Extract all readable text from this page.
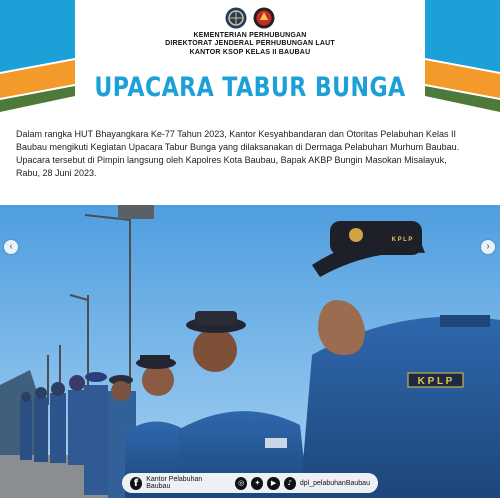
KEMENTERIAN PERHUBUNGAN
DIREKTORAT JENDERAL PERHUBUNGAN LAUT
KANTOR KSOP KELAS II BAUBAU
UPACARA TABUR BUNGA
Dalam rangka HUT Bhayangkara Ke-77 Tahun 2023, Kantor Kesyahbandaran dan Otoritas Pelabuhan Kelas II
Baubau mengikuti Kegiatan Upacara Tabur Bunga yang dilaksanakan di Dermaga Pelabuhan Murhum Baubau.
Upacara tersebut di Pimpin langsung oleh Kapolres Kota Baubau, Bapak AKBP Bungin Masokan Misalayuk,
Rabu, 28 Juni 2023.
K P L P
K P L P
‹	›
f	Kantor Pelabuhan Baubau	◎	✦	▶	♪	dpl_pelabuhanBaubau
